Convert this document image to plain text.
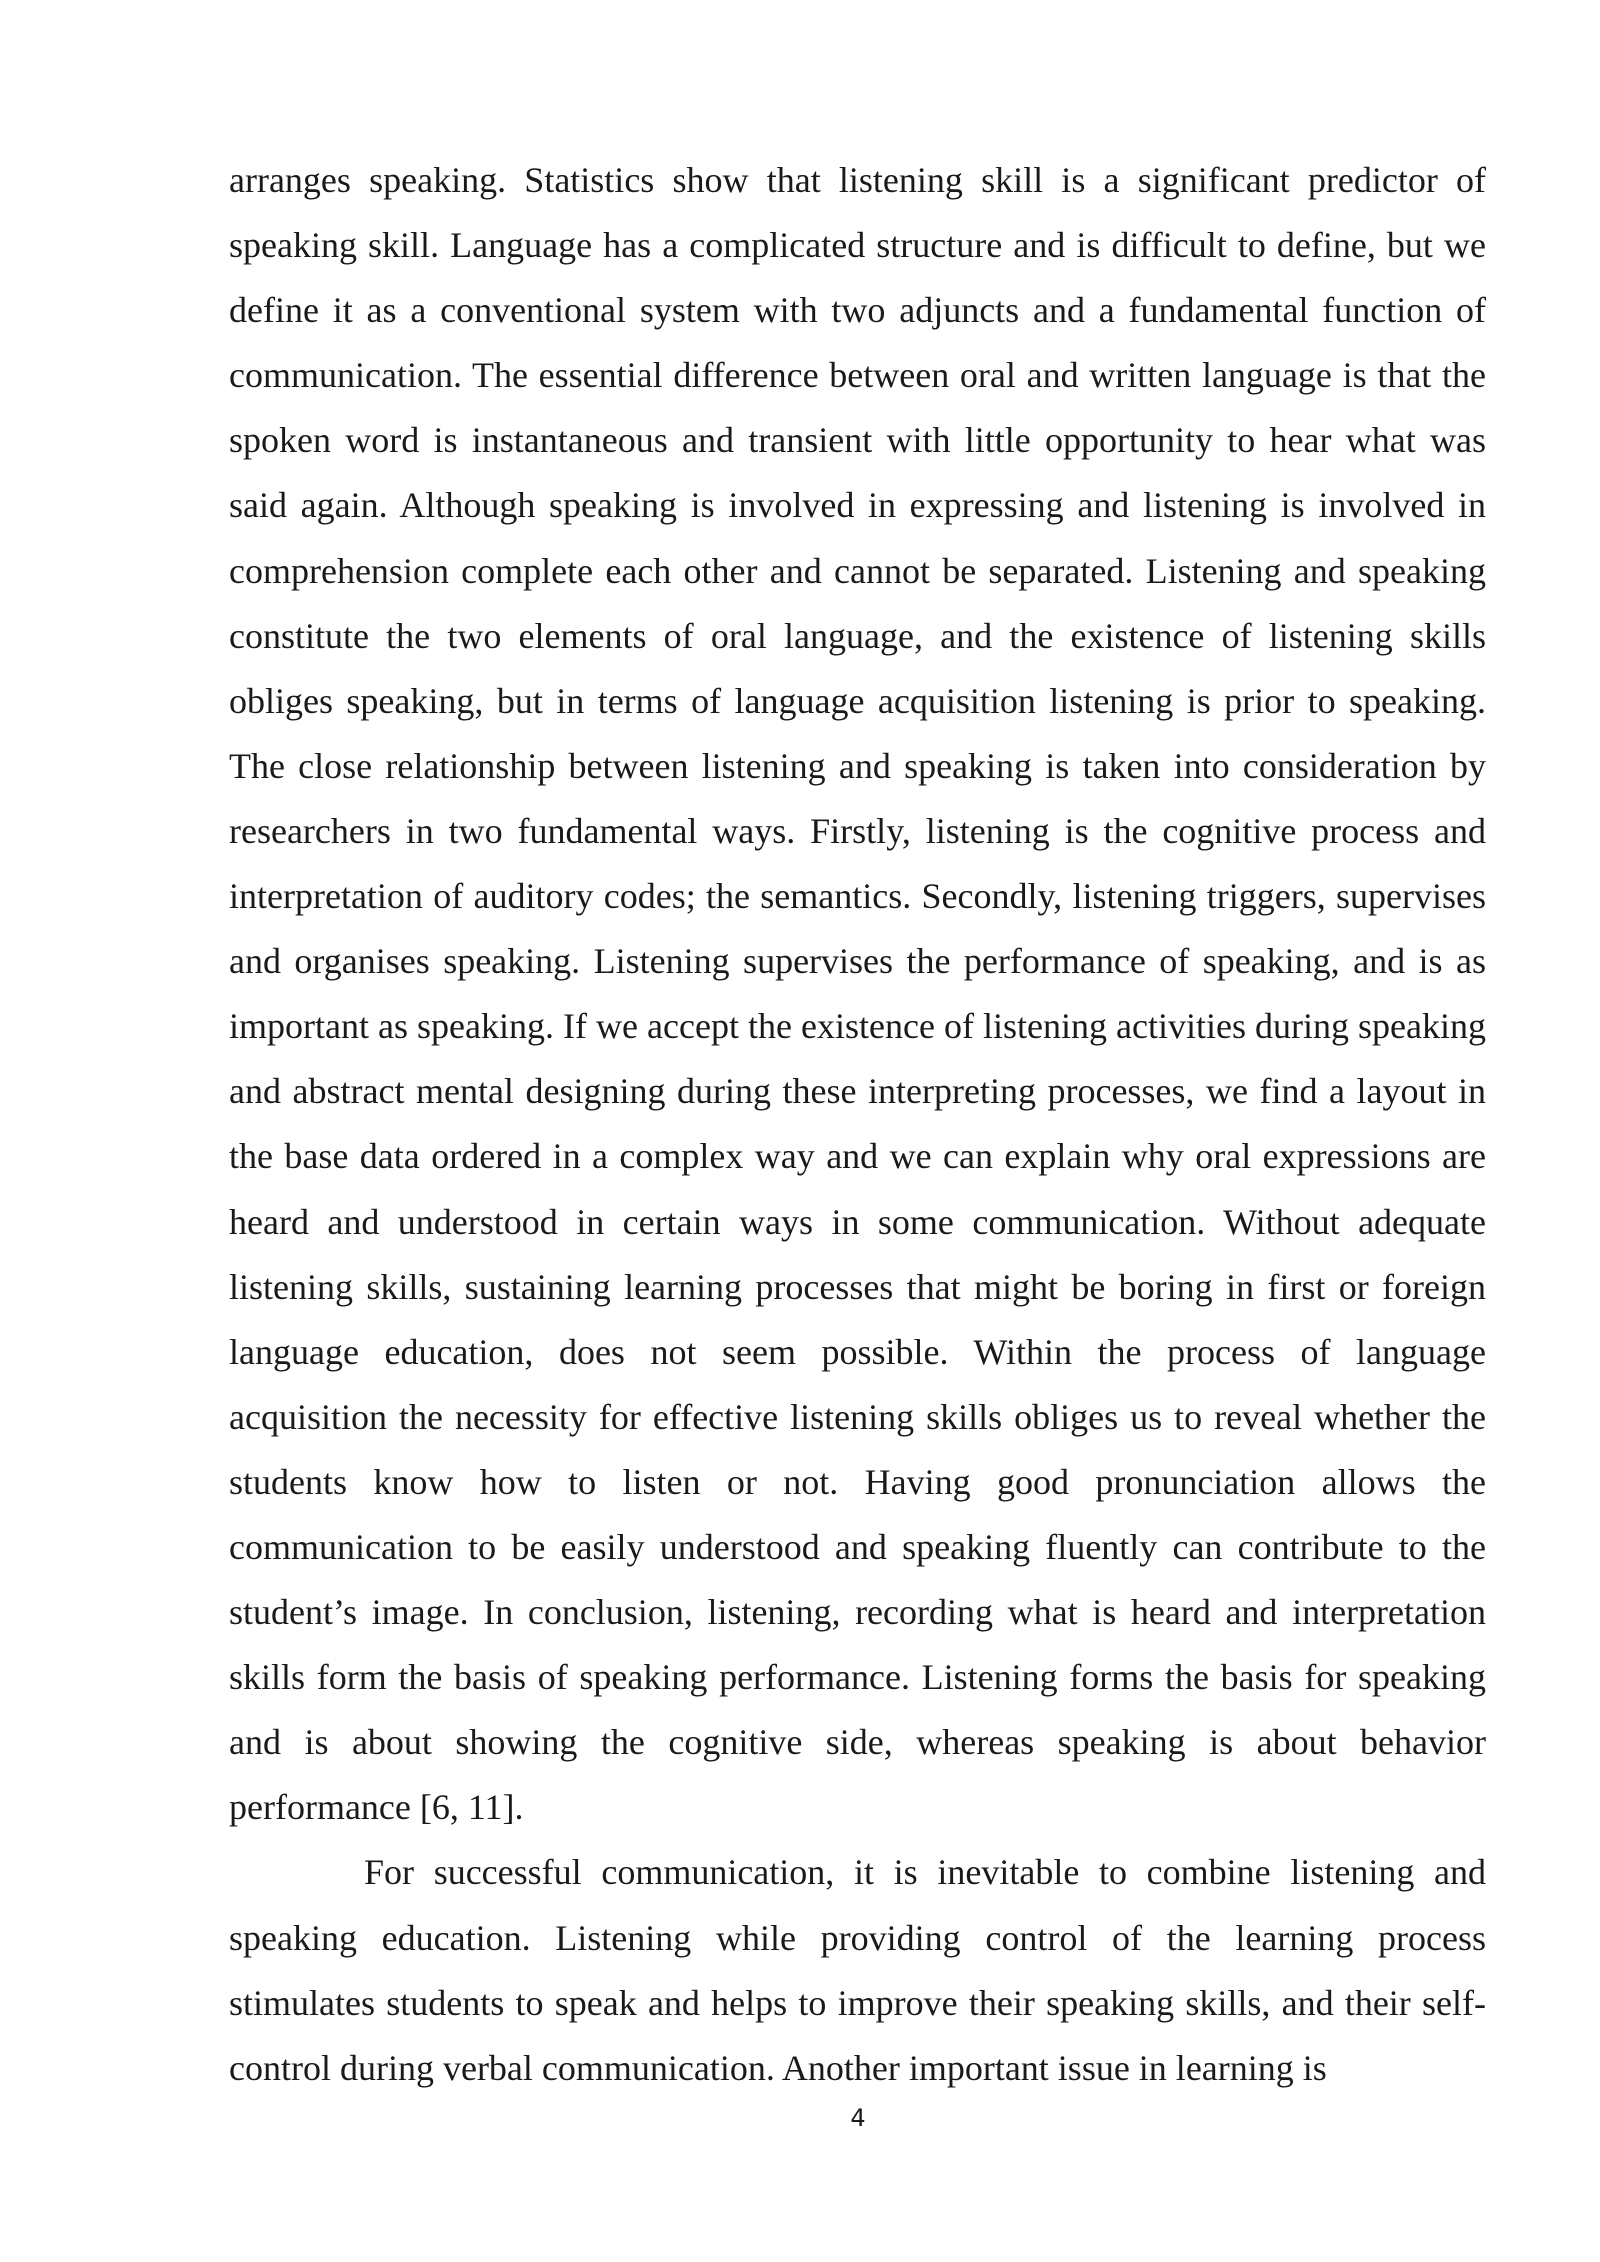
arranges speaking. Statistics show that listening skill is a significant predictor of speaking skill. Language has a complicated structure and is difficult to define, but we define it as a conventional system with two adjuncts and a fundamental function of communication. The essential difference between oral and written language is that the spoken word is instantaneous and transient with little opportunity to hear what was said again. Although speaking is involved in expressing and listening is involved in comprehension complete each other and cannot be separated. Listening and speaking constitute the two elements of oral language, and the existence of listening skills obliges speaking, but in terms of language acquisition listening is prior to speaking. The close relationship between listening and speaking is taken into consideration by researchers in two fundamental ways. Firstly, listening is the cognitive process and interpretation of auditory codes; the semantics. Secondly, listening triggers, supervises and organises speaking. Listening supervises the performance of speaking, and is as important as speaking. If we accept the existence of listening activities during speaking and abstract mental designing during these interpreting processes, we find a layout in the base data ordered in a complex way and we can explain why oral expressions are heard and understood in certain ways in some communication. Without adequate listening skills, sustaining learning processes that might be boring in first or foreign language education, does not seem possible. Within the process of language acquisition the necessity for effective listening skills obliges us to reveal whether the students know how to listen or not. Having good pronunciation allows the communication to be easily understood and speaking fluently can contribute to the student’s image. In conclusion, listening, recording what is heard and interpretation skills form the basis of speaking performance. Listening forms the basis for speaking and is about showing the cognitive side, whereas speaking is about behavior performance [6, 11].

For successful communication, it is inevitable to combine listening and speaking education. Listening while providing control of the learning process stimulates students to speak and helps to improve their speaking skills, and their self-control during verbal communication. Another important issue in learning is

4
